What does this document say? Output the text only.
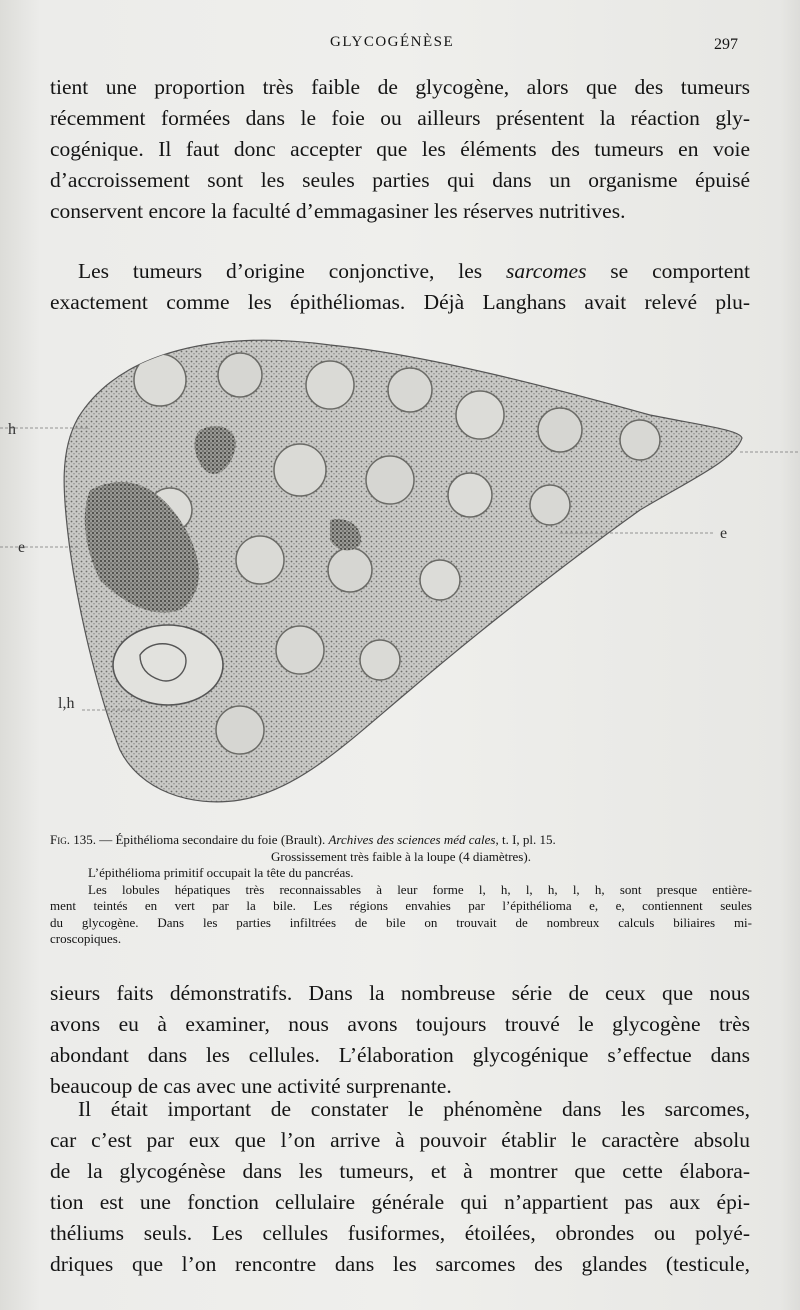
GLYCOGÉNÈSE	297
tient une proportion très faible de glycogène, alors que des tumeurs
récemment formées dans le foie ou ailleurs présentent la réaction gly-
cogénique. Il faut donc accepter que les éléments des tumeurs en voie
d’accroissement sont les seules parties qui dans un organisme épuisé
conservent encore la faculté d’emmagasiner les réserves nutritives.
Les tumeurs d’origine conjonctive, les sarcomes se comportent
exactement comme les épithéliomas. Déjà Langhans avait relevé plu-
h
e
e
l,h
Fig. 135. — Épithélioma secondaire du foie (Brault). Archives des sciences méd cales, t. I, pl. 15.
Grossissement très faible à la loupe (4 diamètres).
L’épithélioma primitif occupait la tête du pancréas.
Les lobules hépatiques très reconnaissables à leur forme l, h, l, h, l, h, sont presque entière-
ment teintés en vert par la bile. Les régions envahies par l’épithélioma e, e, contiennent seules
du glycogène. Dans les parties infiltrées de bile on trouvait de nombreux calculs biliaires mi-
croscopiques.
sieurs faits démonstratifs. Dans la nombreuse série de ceux que nous
avons eu à examiner, nous avons toujours trouvé le glycogène très
abondant dans les cellules. L’élaboration glycogénique s’effectue dans
beaucoup de cas avec une activité surprenante.
Il était important de constater le phénomène dans les sarcomes,
car c’est par eux que l’on arrive à pouvoir établir le caractère absolu
de la glycogénèse dans les tumeurs, et à montrer que cette élabora-
tion est une fonction cellulaire générale qui n’appartient pas aux épi-
théliums seuls. Les cellules fusiformes, étoilées, obrondes ou polyé-
driques que l’on rencontre dans les sarcomes des glandes (testicule,
